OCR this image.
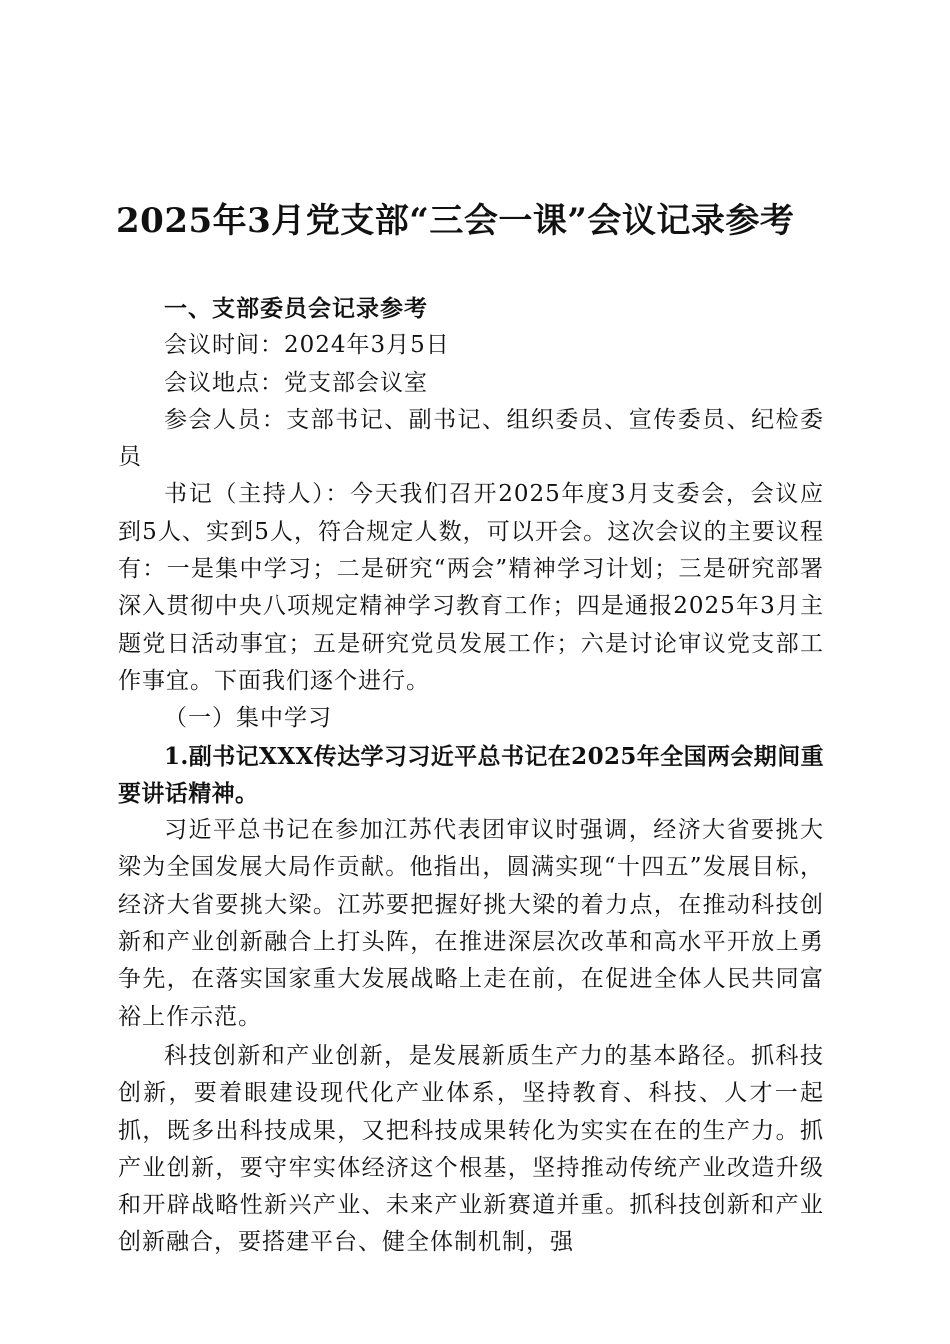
2025年3月党支部“三会一课”会议记录参考

一、支部委员会记录参考

会议时间：2024年3月5日

会议地点：党支部会议室

参会人员：支部书记、副书记、组织委员、宣传委员、纪检委员

书记（主持人）：今天我们召开2025年度3月支委会，会议应到5人、实到5人，符合规定人数，可以开会。这次会议的主要议程有：一是集中学习；二是研究“两会”精神学习计划；三是研究部署深入贯彻中央八项规定精神学习教育工作；四是通报2025年3月主题党日活动事宜；五是研究党员发展工作；六是讨论审议党支部工作事宜。下面我们逐个进行。

（一）集中学习

1.副书记XXX传达学习习近平总书记在2025年全国两会期间重要讲话精神。

习近平总书记在参加江苏代表团审议时强调，经济大省要挑大梁为全国发展大局作贡献。他指出，圆满实现“十四五”发展目标，经济大省要挑大梁。江苏要把握好挑大梁的着力点，在推动科技创新和产业创新融合上打头阵，在推进深层次改革和高水平开放上勇争先，在落实国家重大发展战略上走在前，在促进全体人民共同富裕上作示范。

科技创新和产业创新，是发展新质生产力的基本路径。抓科技创新，要着眼建设现代化产业体系，坚持教育、科技、人才一起抓，既多出科技成果，又把科技成果转化为实实在在的生产力。抓产业创新，要守牢实体经济这个根基，坚持推动传统产业改造升级和开辟战略性新兴产业、未来产业新赛道并重。抓科技创新和产业创新融合，要搭建平台、健全体制机制，强
